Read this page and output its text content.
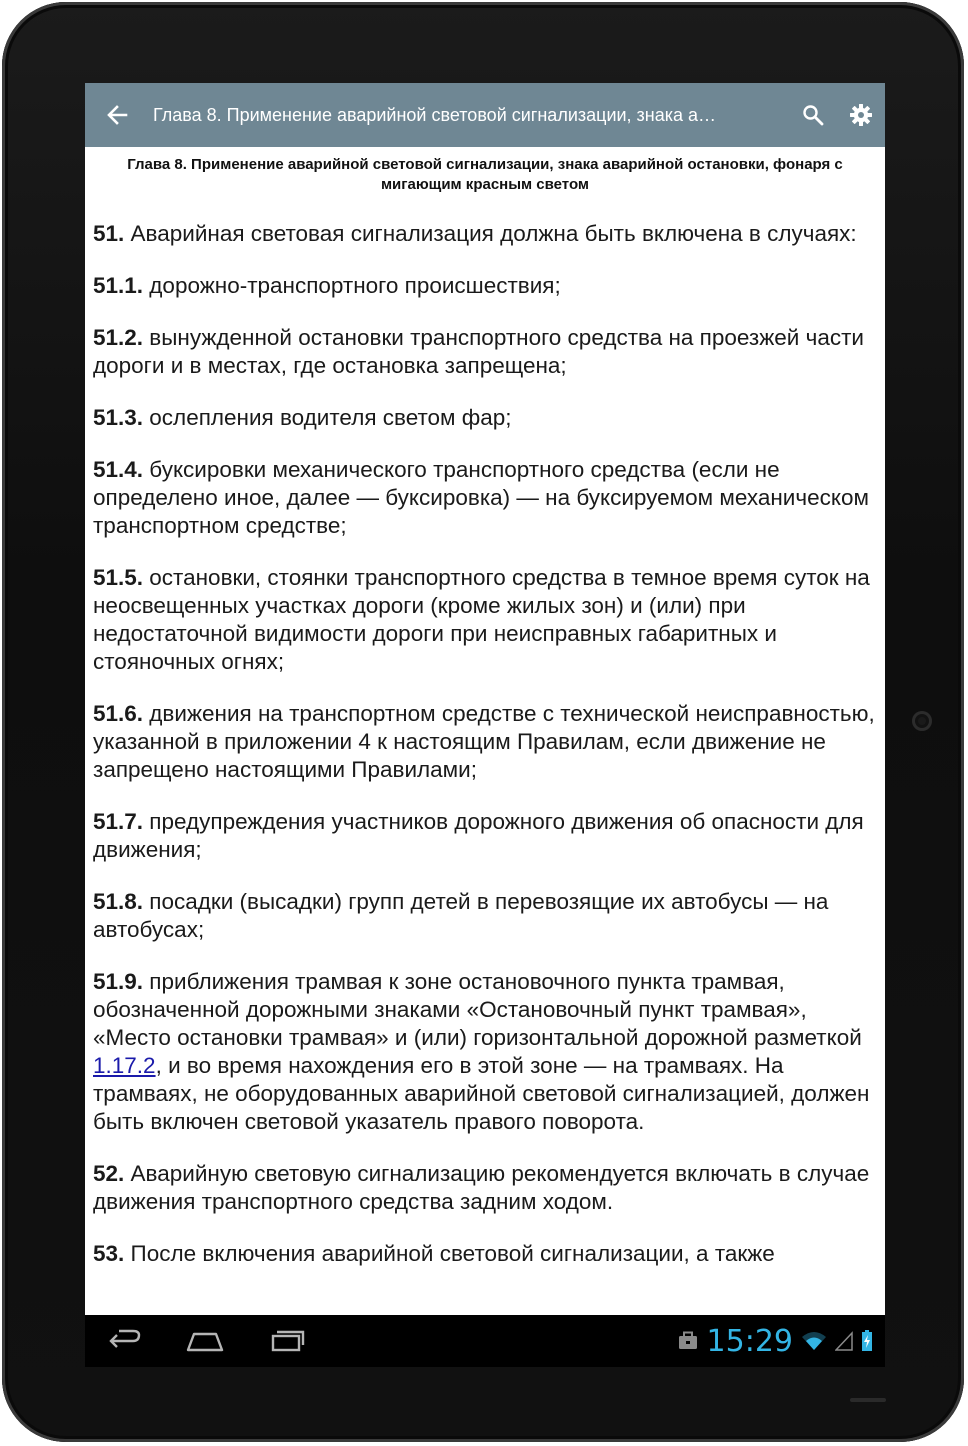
Глава 8. Применение аварийной световой сигнализации, знака а…
Глава 8. Применение аварийной световой сигнализации, знака аварийной остановки, фонаря с мигающим красным светом

51. Аварийная световая сигнализация должна быть включена в случаях:

51.1. дорожно-транспортного происшествия;

51.2. вынужденной остановки транспортного средства на проезжей части дороги и в местах, где остановка запрещена;

51.3. ослепления водителя светом фар;

51.4. буксировки механического транспортного средства (если не определено иное, далее — буксировка) — на буксируемом механическом транспортном средстве;

51.5. остановки, стоянки транспортного средства в темное время суток на неосвещенных участках дороги (кроме жилых зон) и (или) при недостаточной видимости дороги при неисправных габаритных и стояночных огнях;

51.6. движения на транспортном средстве с технической неисправностью, указанной в приложении 4 к настоящим Правилам, если движение не запрещено настоящими Правилами;

51.7. предупреждения участников дорожного движения об опасности для движения;

51.8. посадки (высадки) групп детей в перевозящие их автобусы — на автобусах;

51.9. приближения трамвая к зоне остановочного пункта трамвая, обозначенной дорожными знаками «Остановочный пункт трамвая», «Место остановки трамвая» и (или) горизонтальной дорожной разметкой 1.17.2, и во время нахождения его в этой зоне — на трамваях. На трамваях, не оборудованных аварийной световой сигнализацией, должен быть включен световой указатель правого поворота.

52. Аварийную световую сигнализацию рекомендуется включать в случае движения транспортного средства задним ходом.

53. После включения аварийной световой сигнализации, а также

15:29
